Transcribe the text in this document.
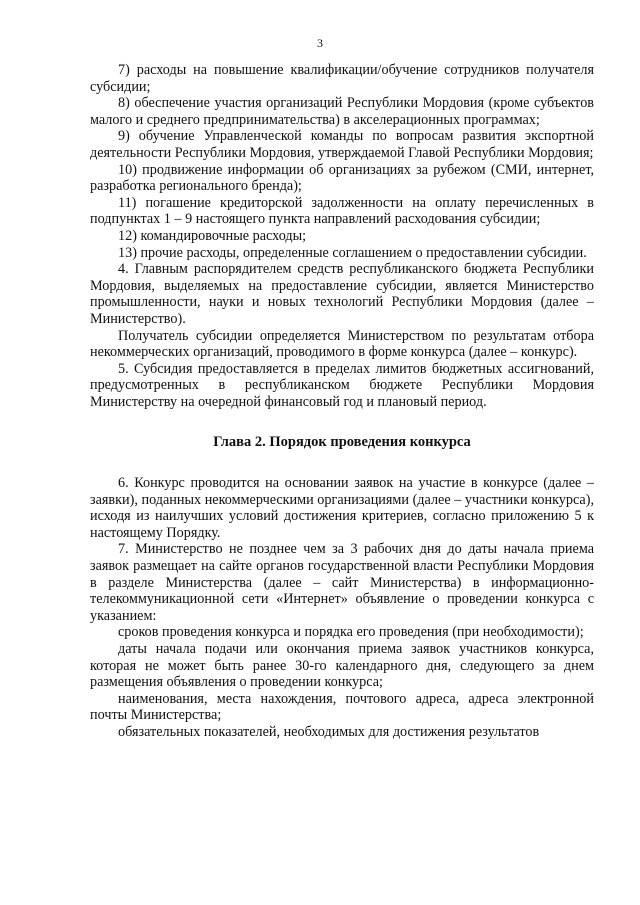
3

7) расходы на повышение квалификации/обучение сотрудников получателя субсидии;

8) обеспечение участия организаций Республики Мордовия (кроме субъектов малого и среднего предпринимательства) в акселерационных программах;

9) обучение Управленческой команды по вопросам развития экспортной деятельности Республики Мордовия, утверждаемой Главой Республики Мордовия;

10) продвижение информации об организациях за рубежом (СМИ, интернет, разработка регионального бренда);

11) погашение кредиторской задолженности на оплату перечисленных в подпунктах 1 – 9 настоящего пункта направлений расходования субсидии;

12) командировочные расходы;

13) прочие расходы, определенные соглашением о предоставлении субсидии.

4. Главным распорядителем средств республиканского бюджета Республики Мордовия, выделяемых на предоставление субсидии, является Министерство промышленности, науки и новых технологий Республики Мордовия (далее – Министерство).

Получатель субсидии определяется Министерством по результатам отбора некоммерческих организаций, проводимого в форме конкурса (далее – конкурс).

5. Субсидия предоставляется в пределах лимитов бюджетных ассигнований, предусмотренных в республиканском бюджете Республики Мордовия Министерству на очередной финансовый год и плановый период.

Глава 2. Порядок проведения конкурса

6. Конкурс проводится на основании заявок на участие в конкурсе (далее – заявки), поданных некоммерческими организациями (далее – участники конкурса), исходя из наилучших условий достижения критериев, согласно приложению 5 к настоящему Порядку.

7. Министерство не позднее чем за 3 рабочих дня до даты начала приема заявок размещает на сайте органов государственной власти Республики Мордовия в разделе Министерства (далее – сайт Министерства) в информационно-телекоммуникационной сети «Интернет» объявление о проведении конкурса с указанием:

сроков проведения конкурса и порядка его проведения (при необходимости);

даты начала подачи или окончания приема заявок участников конкурса, которая не может быть ранее 30-го календарного дня, следующего за днем размещения объявления о проведении конкурса;

наименования, места нахождения, почтового адреса, адреса электронной почты Министерства;

обязательных показателей, необходимых для достижения результатов
